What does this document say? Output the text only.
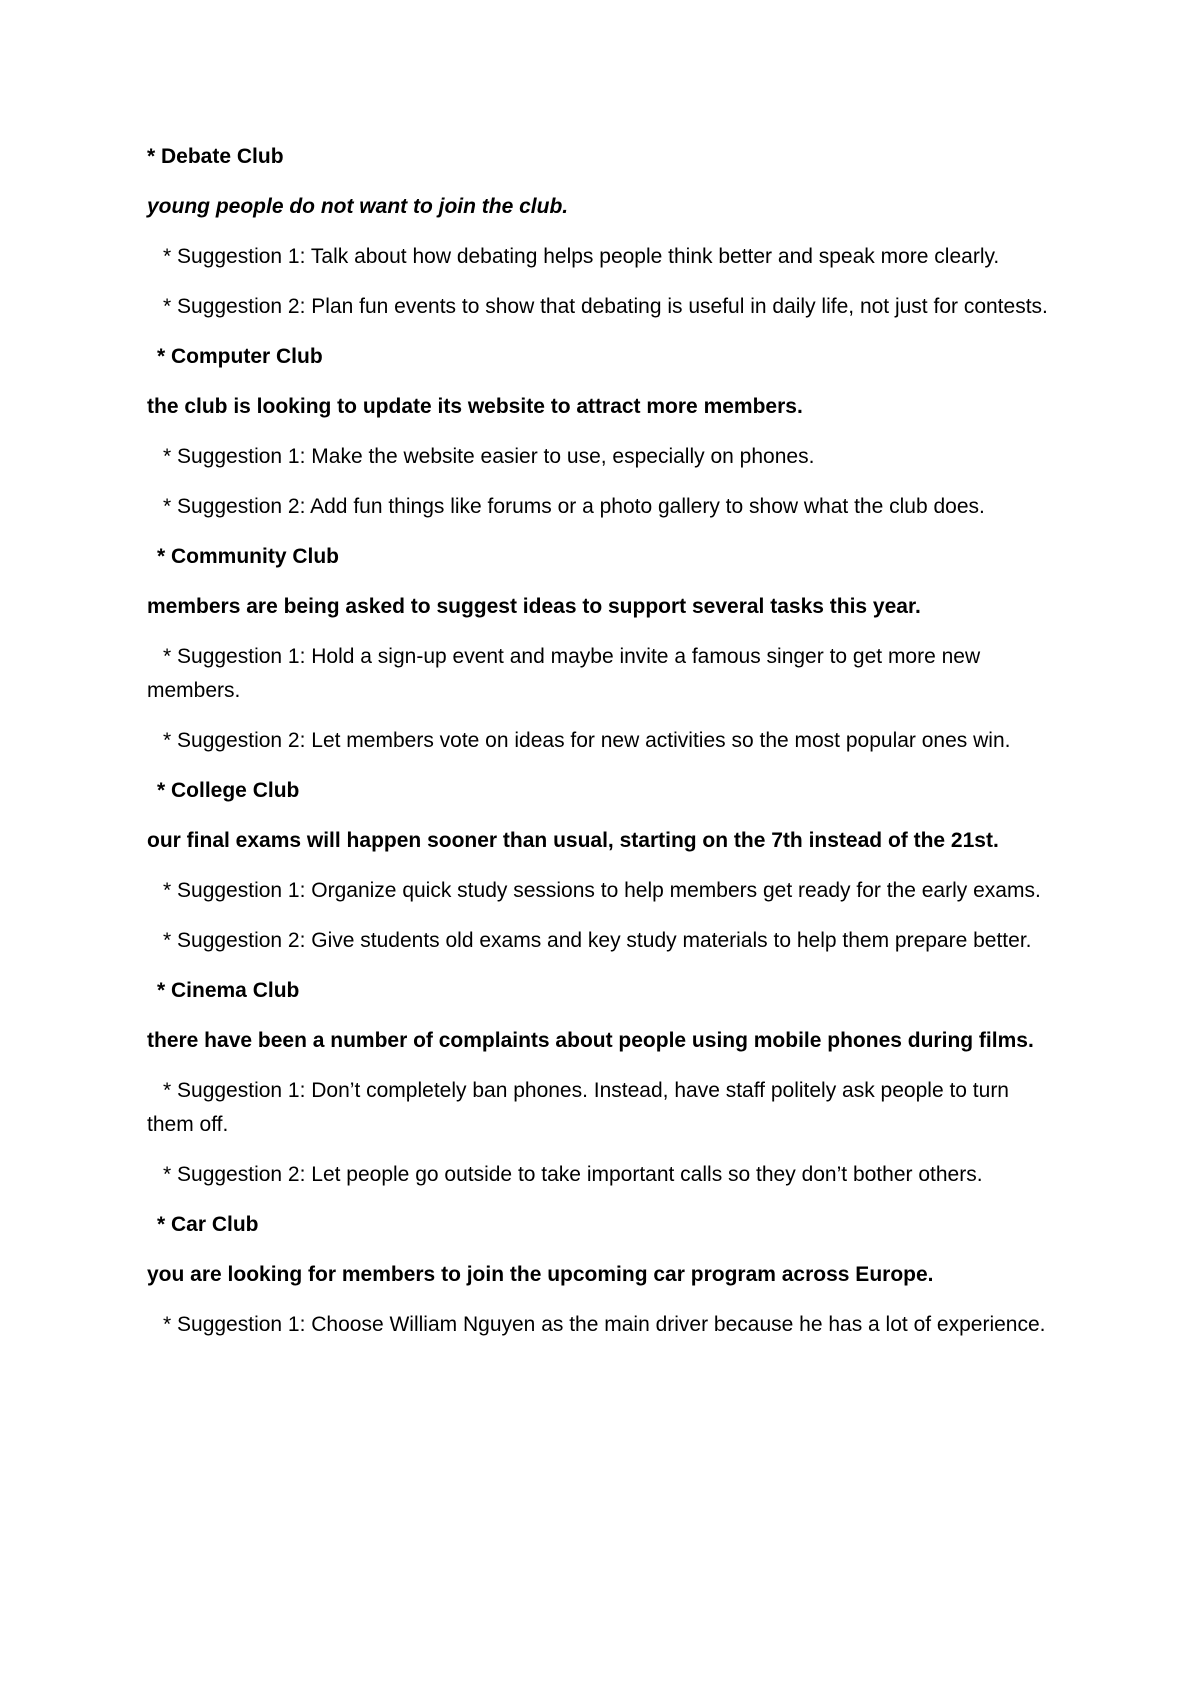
* Debate Club

young people do not want to join the club.

* Suggestion 1: Talk about how debating helps people think better and speak more clearly.

* Suggestion 2: Plan fun events to show that debating is useful in daily life, not just for contests.

* Computer Club

the club is looking to update its website to attract more members.

* Suggestion 1: Make the website easier to use, especially on phones.

* Suggestion 2: Add fun things like forums or a photo gallery to show what the club does.

* Community Club

members are being asked to suggest ideas to support several tasks this year.

* Suggestion 1: Hold a sign-up event and maybe invite a famous singer to get more new members.

* Suggestion 2: Let members vote on ideas for new activities so the most popular ones win.

* College Club

our final exams will happen sooner than usual, starting on the 7th instead of the 21st.

* Suggestion 1: Organize quick study sessions to help members get ready for the early exams.

* Suggestion 2: Give students old exams and key study materials to help them prepare better.

* Cinema Club

there have been a number of complaints about people using mobile phones during films.

* Suggestion 1: Don’t completely ban phones. Instead, have staff politely ask people to turn them off.

* Suggestion 2: Let people go outside to take important calls so they don’t bother others.

* Car Club

you are looking for members to join the upcoming car program across Europe.

* Suggestion 1: Choose William Nguyen as the main driver because he has a lot of experience.
